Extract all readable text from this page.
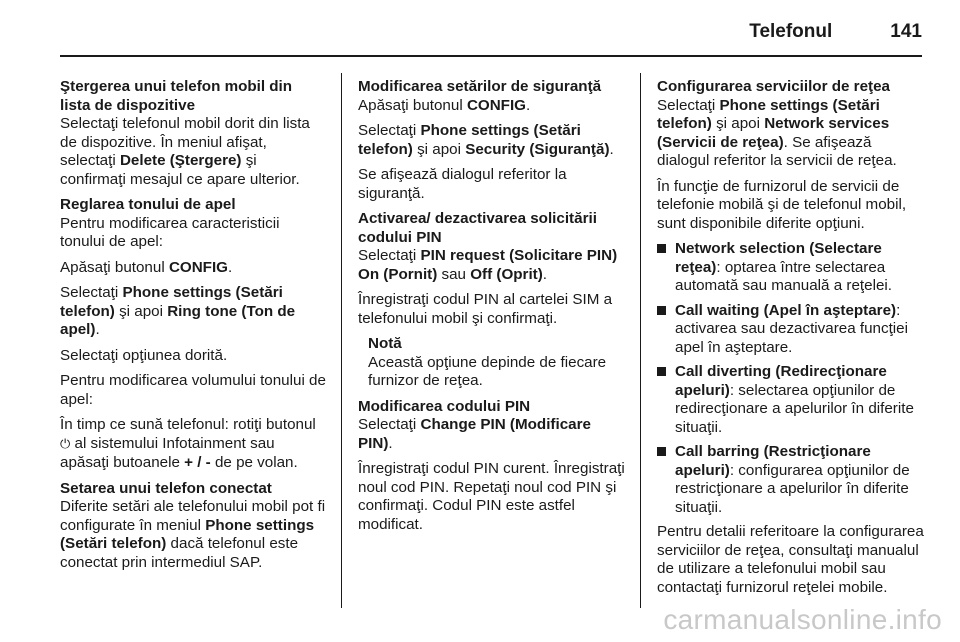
Telefonul	141
Ştergerea unui telefon mobil din lista de dispozitive

Selectaţi telefonul mobil dorit din lista de dispozitive. În meniul afişat, selectaţi Delete (Ştergere) şi confirmaţi mesajul ce apare ulterior.

Reglarea tonului de apel

Pentru modificarea caracteristicii tonului de apel:

Apăsaţi butonul CONFIG.

Selectaţi Phone settings (Setări telefon) şi apoi Ring tone (Ton de apel).

Selectaţi opţiunea dorită.

Pentru modificarea volumului tonului de apel:

În timp ce sună telefonul: rotiţi butonul ⏻ al sistemului Infotainment sau apăsaţi butoanele + / - de pe volan.

Setarea unui telefon conectat

Diferite setări ale telefonului mobil pot fi configurate în meniul Phone settings (Setări telefon) dacă telefonul este conectat prin intermediul SAP.

Modificarea setărilor de siguranţă

Apăsaţi butonul CONFIG.

Selectaţi Phone settings (Setări telefon) şi apoi Security (Siguranţă).

Se afişează dialogul referitor la siguranţă.

Activarea/ dezactivarea solicitării codului PIN

Selectaţi PIN request (Solicitare PIN) On (Pornit) sau Off (Oprit).

Înregistraţi codul PIN al cartelei SIM a telefonului mobil şi confirmaţi.

Notă
Această opţiune depinde de fiecare furnizor de reţea.
Modificarea codului PIN

Selectaţi Change PIN (Modificare PIN).

Înregistraţi codul PIN curent. Înregistraţi noul cod PIN. Repetaţi noul cod PIN şi confirmaţi. Codul PIN este astfel modificat.

Configurarea serviciilor de reţea

Selectaţi Phone settings (Setări telefon) şi apoi Network services (Servicii de reţea). Se afişează dialogul referitor la servicii de reţea.

În funcţie de furnizorul de servicii de telefonie mobilă şi de telefonul mobil, sunt disponibile diferite opţiuni.

Network selection (Selectare reţea): optarea între selectarea automată sau manuală a reţelei.
Call waiting (Apel în aşteptare): activarea sau dezactivarea funcţiei apel în aşteptare.
Call diverting (Redirecţionare apeluri): selectarea opţiunilor de redirecţionare a apelurilor în diferite situaţii.
Call barring (Restricţionare apeluri): configurarea opţiunilor de restricţionare a apelurilor în diferite situaţii.

Pentru detalii referitoare la configurarea serviciilor de reţea, consultaţi manualul de utilizare a telefonului mobil sau contactaţi furnizorul reţelei mobile.

carmanualsonline.info
